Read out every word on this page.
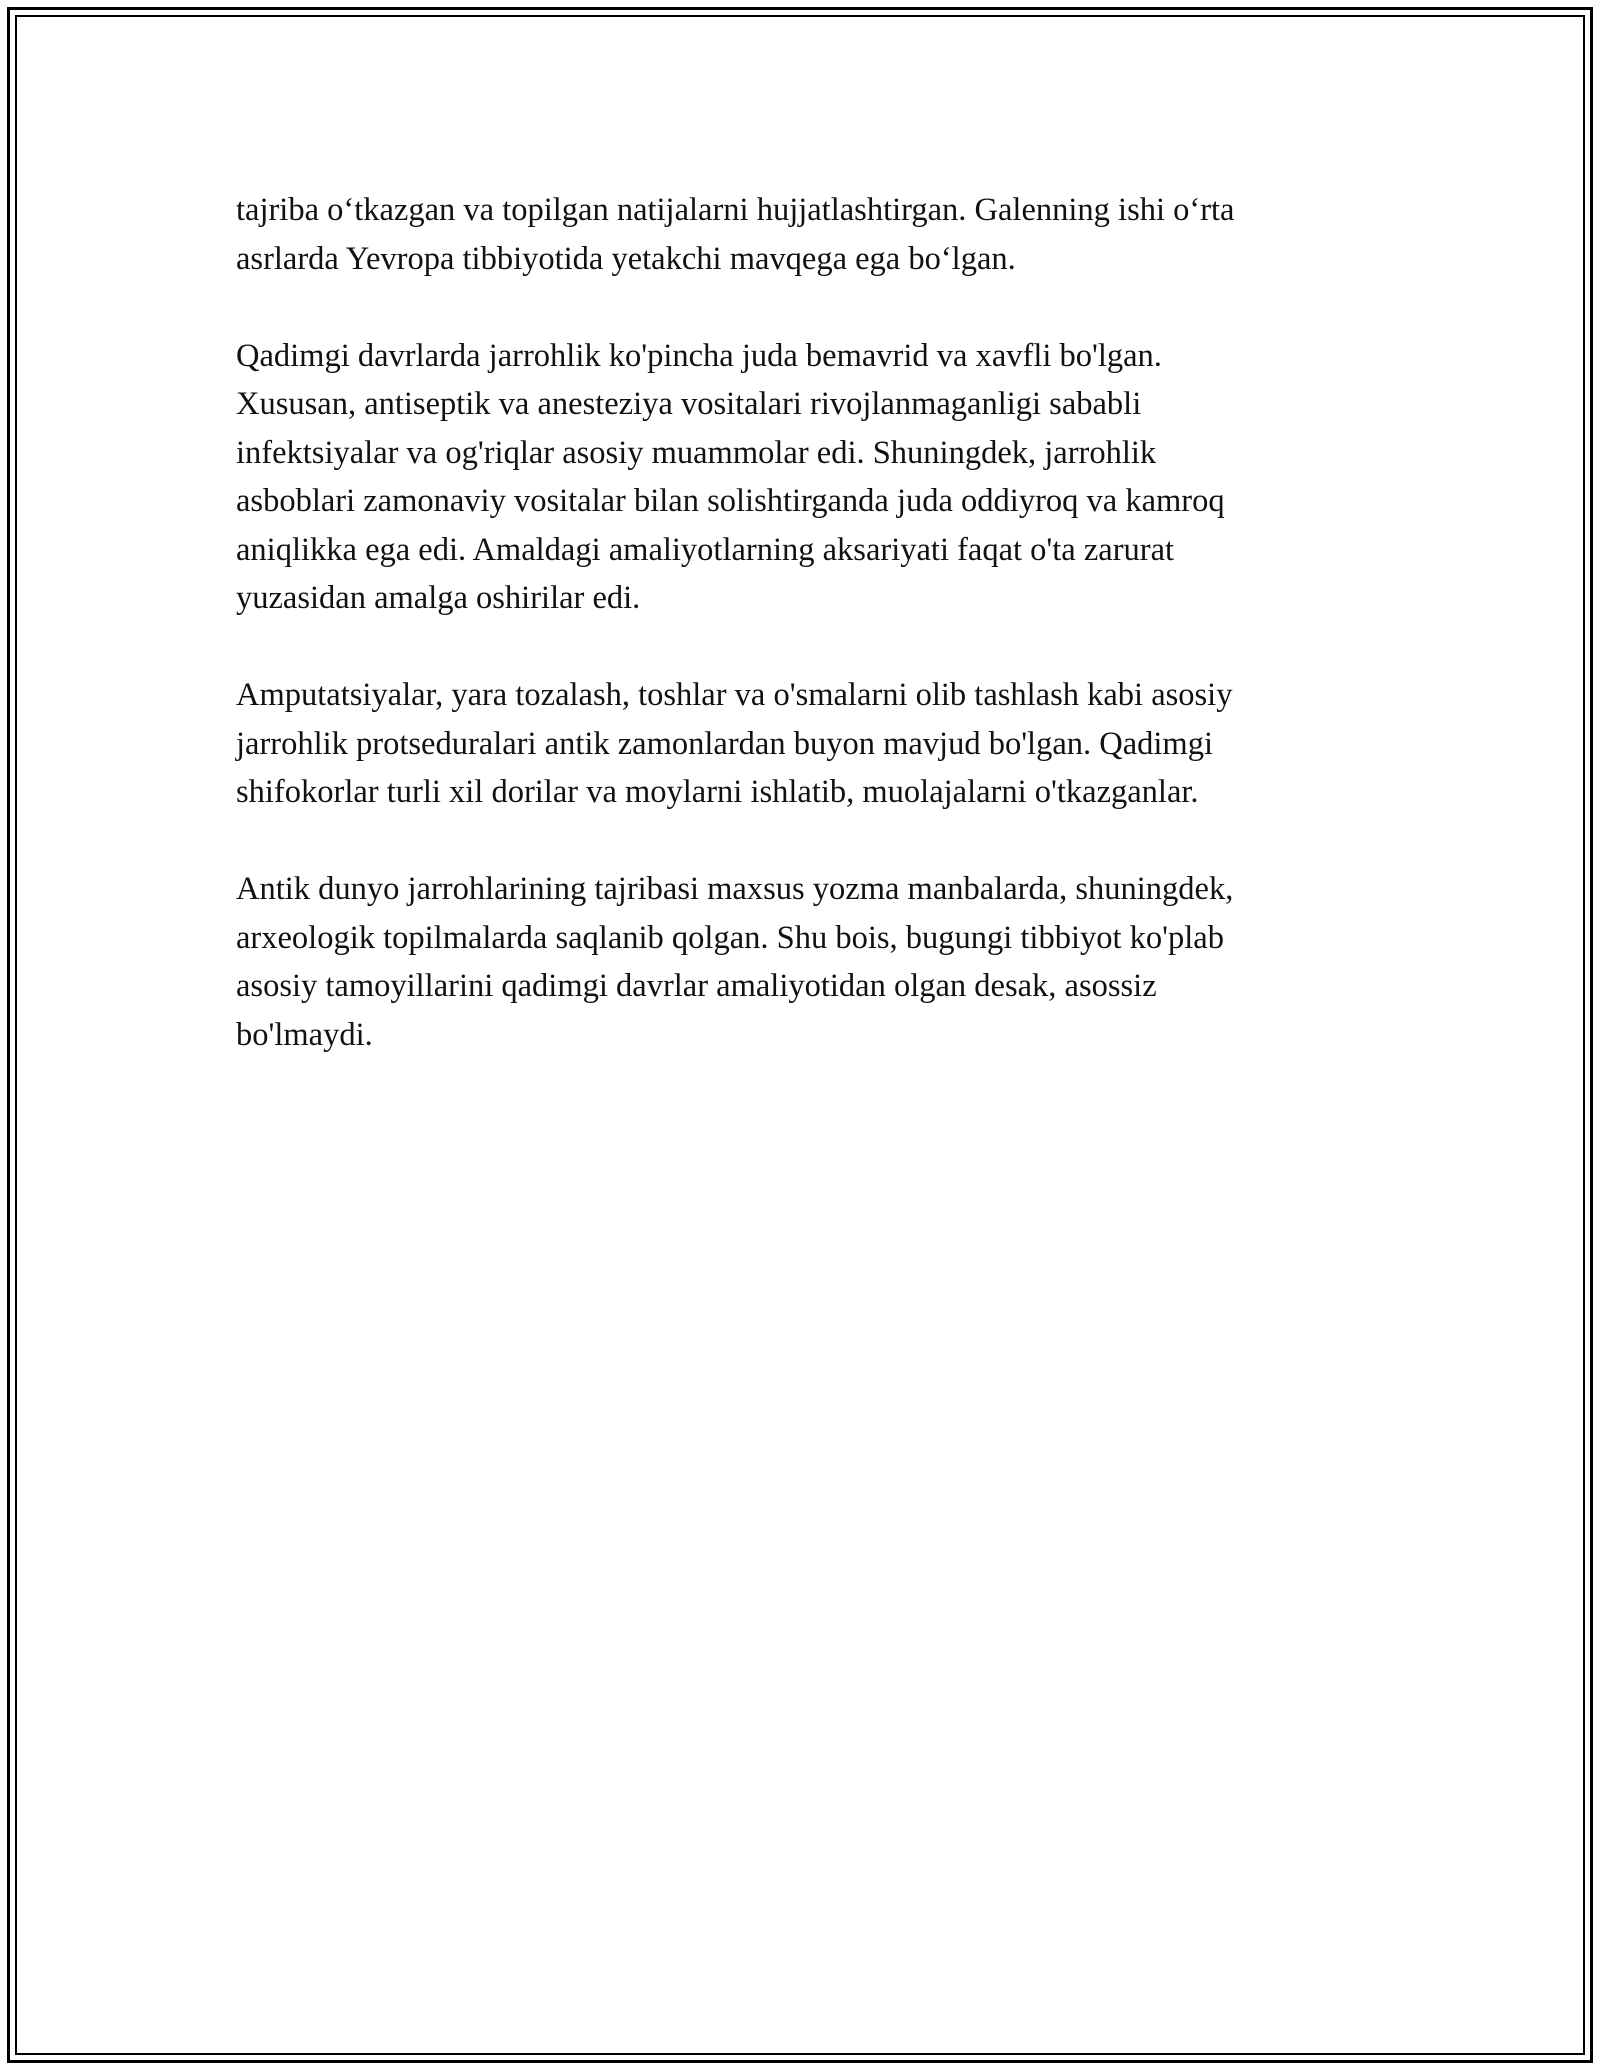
tajriba o‘tkazgan va topilgan natijalarni hujjatlashtirgan. Galenning ishi o‘rta
asrlarda Yevropa tibbiyotida yetakchi mavqega ega bo‘lgan.

Qadimgi davrlarda jarrohlik ko'pincha juda bemavrid va xavfli bo'lgan.
Xususan, antiseptik va anesteziya vositalari rivojlanmaganligi sababli
infektsiyalar va og'riqlar asosiy muammolar edi. Shuningdek, jarrohlik
asboblari zamonaviy vositalar bilan solishtirganda juda oddiyroq va kamroq
aniqlikka ega edi. Amaldagi amaliyotlarning aksariyati faqat o'ta zarurat
yuzasidan amalga oshirilar edi.

Amputatsiyalar, yara tozalash, toshlar va o'smalarni olib tashlash kabi asosiy
jarrohlik protseduralari antik zamonlardan buyon mavjud bo'lgan. Qadimgi
shifokorlar turli xil dorilar va moylarni ishlatib, muolajalarni o'tkazganlar.

Antik dunyo jarrohlarining tajribasi maxsus yozma manbalarda, shuningdek,
arxeologik topilmalarda saqlanib qolgan. Shu bois, bugungi tibbiyot ko'plab
asosiy tamoyillarini qadimgi davrlar amaliyotidan olgan desak, asossiz
bo'lmaydi.
